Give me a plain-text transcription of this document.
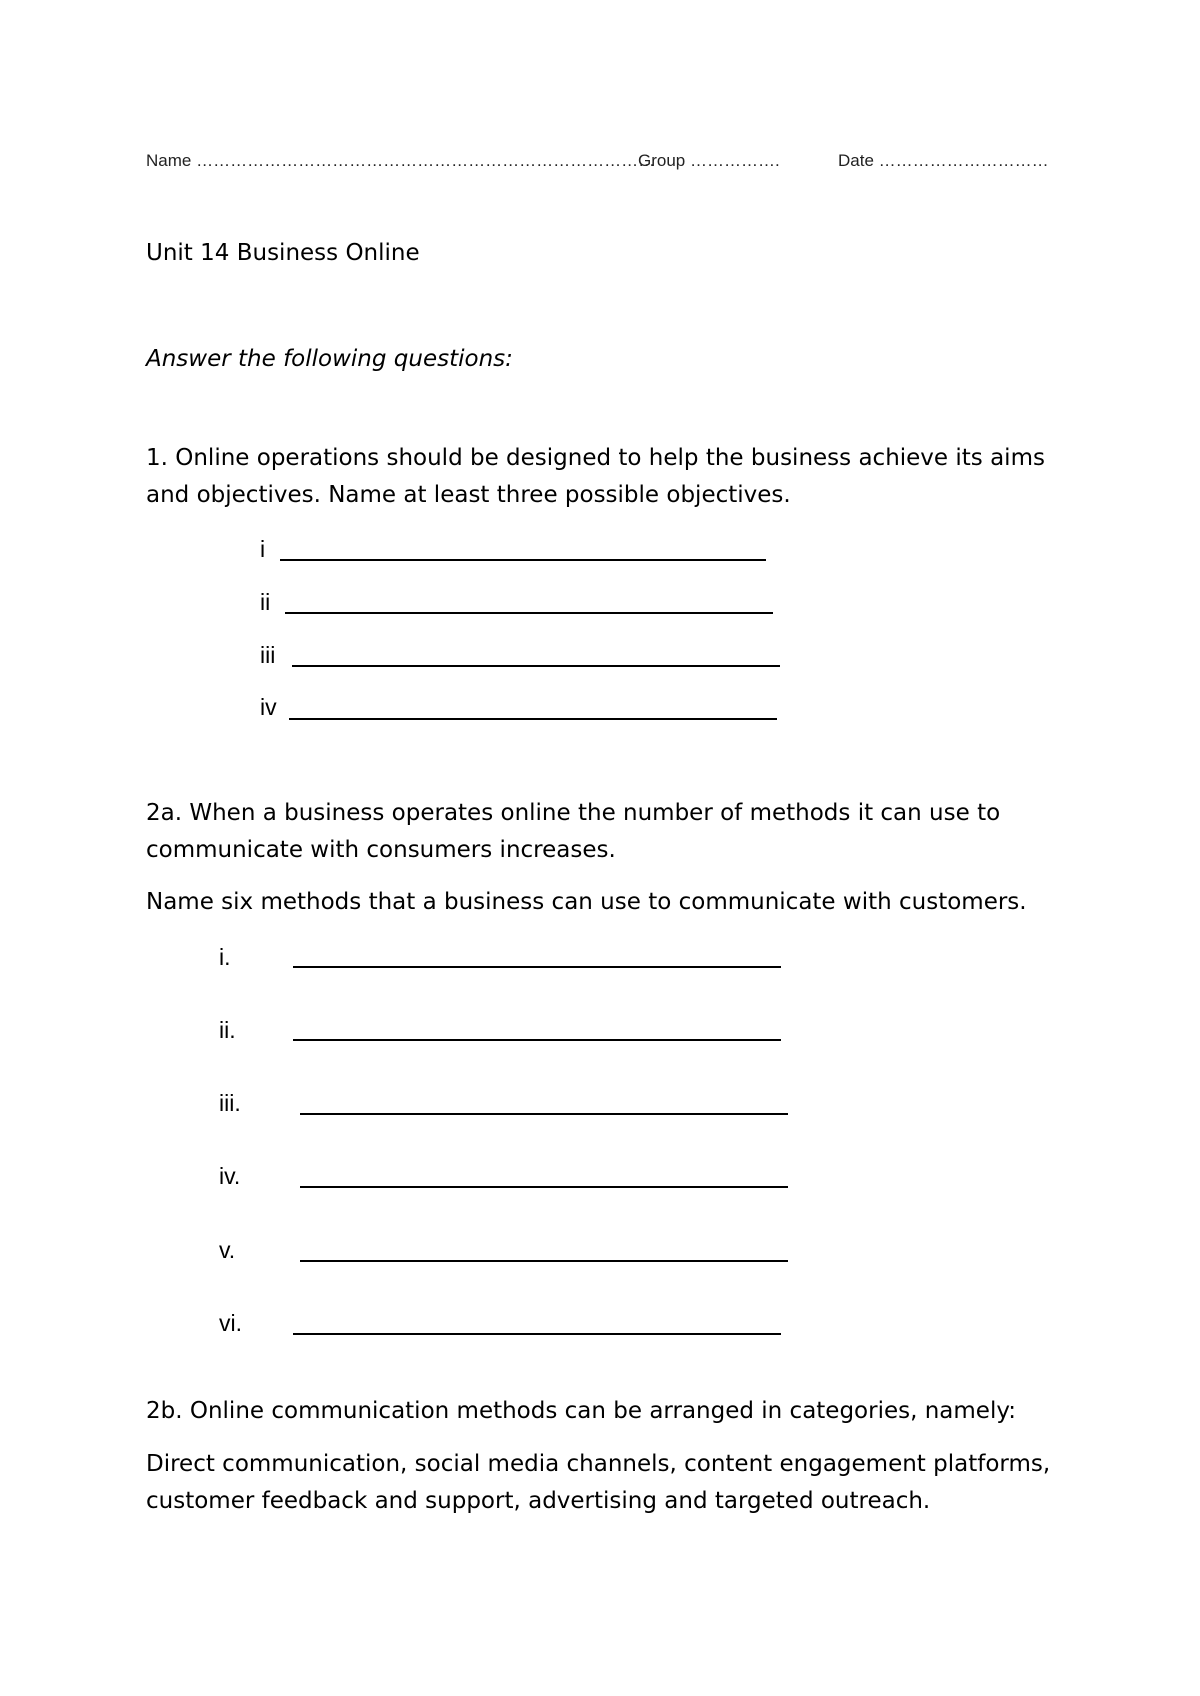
Name ………………………………………………………………………
Group …………….	Date …………………………
Unit 14 Business Online
Answer the following questions:
1. Online operations should be designed to help the business achieve its aims and objectives. Name at least three possible objectives.
i
ii
iii
iv
2a. When a business operates online the number of methods it can use to communicate with consumers increases.
Name six methods that a business can use to communicate with customers.
i.
ii.
iii.
iv.
v.
vi.
2b. Online communication methods can be arranged in categories, namely:
Direct communication, social media channels, content engagement platforms, customer feedback and support, advertising and targeted outreach.
